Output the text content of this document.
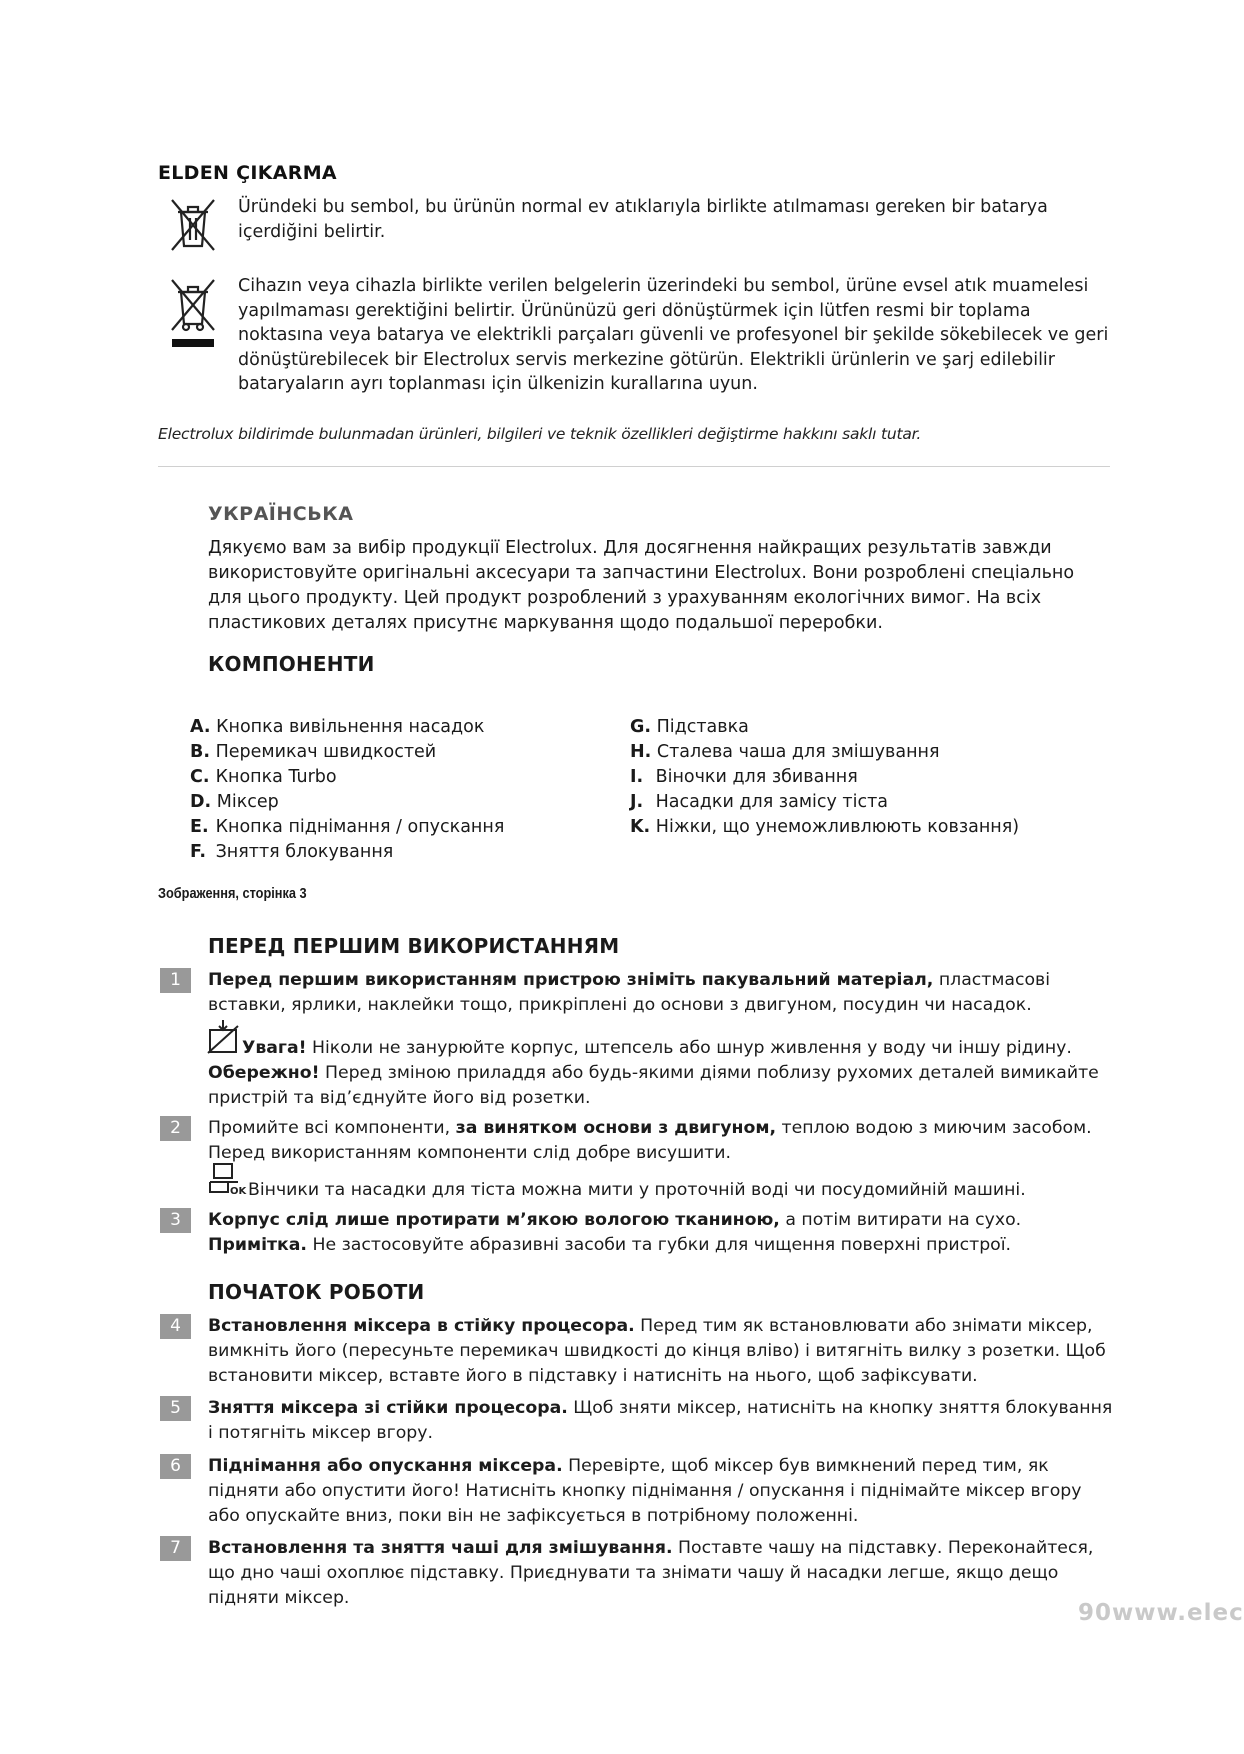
ELDEN ÇIKARMA
Üründeki bu sembol, bu ürünün normal ev atıklarıyla birlikte atılmaması gereken bir batarya içerdiğini belirtir.
Cihazın veya cihazla birlikte verilen belgelerin üzerindeki bu sembol, ürüne evsel atık muamelesi yapılmaması gerektiğini belirtir. Ürününüzü geri dönüştürmek için lütfen resmi bir toplama noktasına veya batarya ve elektrikli parçaları güvenli ve profesyonel bir şekilde sökebilecek ve geri dönüştürebilecek bir Electrolux servis merkezine götürün. Elektrikli ürünlerin ve şarj edilebilir bataryaların ayrı toplanması için ülkenizin kurallarına uyun.
Electrolux bildirimde bulunmadan ürünleri, bilgileri ve teknik özellikleri değiştirme hakkını saklı tutar.
УКРАЇНСЬКА
Дякуємо вам за вибір продукції Electrolux. Для досягнення найкращих результатів завжди використовуйте оригінальні аксесуари та запчастини Electrolux. Вони розроблені спеціально для цього продукту. Цей продукт розроблений з урахуванням екологічних вимог. На всіх пластикових деталях присутнє маркування щодо подальшої переробки.
КОМПОНЕНТИ
A. Кнопка вивільнення насадок
B. Перемикач швидкостей
C. Кнопка Turbo
D. Міксер
E. Кнопка піднімання / опускання
F. Зняття блокування
G. Підставка
H. Сталева чаша для змішування
I. Віночки для збивання
J. Насадки для замісу тіста
K. Ніжки, що унеможливлюють ковзання)
Зображення, сторінка 3
ПЕРЕД ПЕРШИМ ВИКОРИСТАННЯМ
1	Перед першим використанням пристрою зніміть пакувальний матеріал, пластмасові вставки, ярлики, наклейки тощо, прикріплені до основи з двигуном, посудин чи насадок.
Увага! Ніколи не занурюйте корпус, штепсель або шнур живлення у воду чи іншу рідину.
Обережно! Перед зміною приладдя або будь-якими діями поблизу рухомих деталей вимикайте пристрій та від’єднуйте його від розетки.
2	Промийте всі компоненти, за винятком основи з двигуном, теплою водою з миючим засобом. Перед використанням компоненти слід добре висушити.
OK Вінчики та насадки для тіста можна мити у проточній воді чи посудомийній машині.
3	Корпус слід лише протирати м’якою вологою тканиною, а потім витирати на сухо.
Примітка. Не застосовуйте абразивні засоби та губки для чищення поверхні пристрої.
ПОЧАТОК РОБОТИ
4	Встановлення міксера в стійку процесора. Перед тим як встановлювати або знімати міксер, вимкніть його (пересуньте перемикач швидкості до кінця вліво) і витягніть вилку з розетки. Щоб встановити міксер, вставте його в підставку і натисніть на нього, щоб зафіксувати.
5	Зняття міксера зі стійки процесора. Щоб зняти міксер, натисніть на кнопку зняття блокування і потягніть міксер вгору.
6	Піднімання або опускання міксера. Перевірте, щоб міксер був вимкнений перед тим, як підняти або опустити його! Натисніть кнопку піднімання / опускання і піднімайте міксер вгору або опускайте вниз, поки він не зафіксується в потрібному положенні.
7	Встановлення та зняття чаші для змішування. Поставте чашу на підставку. Переконайтеся, що дно чаші охоплює підставку. Приєднувати та знімати чашу й насадки легше, якщо дещо підняти міксер.
90www.elec
